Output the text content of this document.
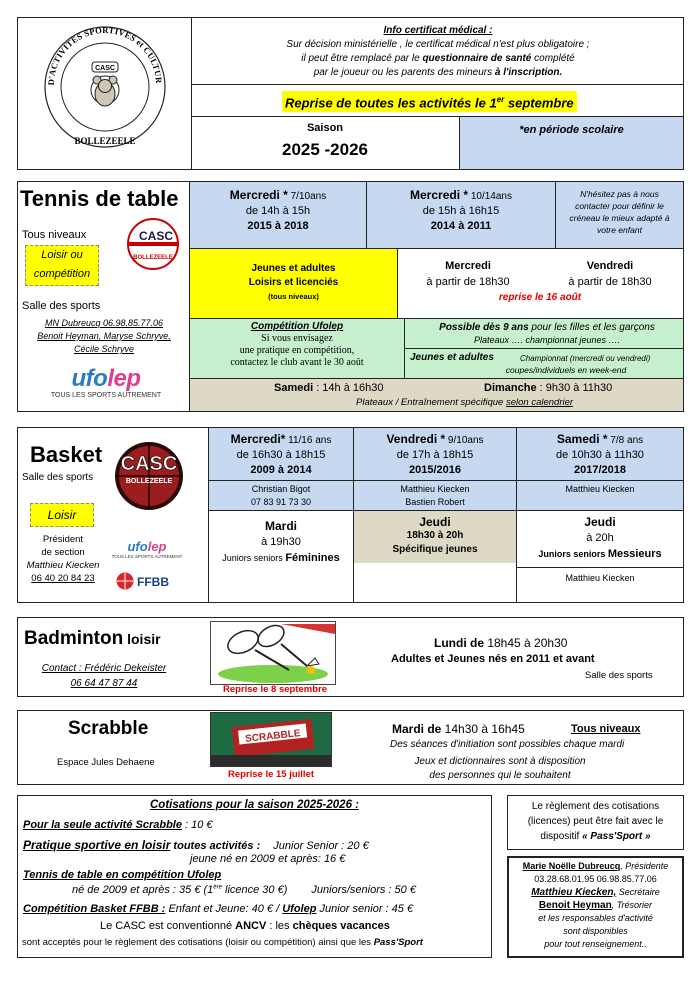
D'ACTIVITES SPORTIVES et CULTUR
CASC
BOLLEZEELE
Info certificat médical :
Sur décision ministérielle , le certificat médical n'est plus obligatoire ;
il peut être remplacé par le questionnaire de santé complété
par le joueur ou les parents des mineurs à l'inscription.
Reprise de toutes les activités le 1er septembre
Saison
2025 -2026
*en période scolaire
Tennis de table
Tous niveaux
Loisir ou
compétition
CASC
BOLLEZEELE
Salle des sports
MN Dubreucq 06.98.85.77.06
Benoit Heyman, Maryse Schryve,
Cécile Schryve
ufolep
TOUS LES SPORTS AUTREMENT
Mercredi * 7/10ans
de 14h à 15h
2015 à 2018
Mercredi * 10/14ans
de 15h à 16h15
2014 à 2011
N'hésitez pas à nous contacter pour définir le créneau le mieux adapté à votre enfant
Jeunes et adultes
Loisirs et licenciés
(tous niveaux)
Mercredi
à partir de 18h30
Vendredi
à partir de 18h30
reprise le 16 août
Compétition Ufolep
Si vous envisagez
une pratique en compétition,
contactez le club avant le 30 août
Possible dès 9 ans pour les filles et les garçons
Plateaux …. championnat jeunes ….
Jeunes et adultes	Championnat (mercredi ou vendredi)
coupes/individuels en week-end
Samedi : 14h à 16h30	Dimanche : 9h30 à 11h30
Plateaux / Entraînement spécifique selon calendrier
Basket
Salle des sports
Loisir
Président
de section
Matthieu Kiecken
06 40 20 84 23
CASC
BOLLEZEELE
ufolep
TOUS LES SPORTS AUTREMENT
FFBB
Mercredi* 11/16 ans
de 16h30 à 18h15
2009 à 2014
Vendredi * 9/10ans
de 17h à 18h15
2015/2016
Samedi * 7/8 ans
de 10h30 à 11h30
2017/2018
Christian Bigot
07 83 91 73 30
Matthieu Kiecken
Bastien Robert
Matthieu Kiecken
Mardi
à 19h30
Juniors seniors Féminines
Jeudi
18h30 à 20h
Spécifique jeunes
Jeudi
à 20h
Juniors seniors Messieurs
Matthieu Kiecken
Badminton loisir
Contact : Frédéric Dekeister
06 64 47 87 44
Reprise le 8 septembre
Lundi de 18h45 à 20h30
Adultes et Jeunes nés en 2011 et avant
Salle des sports
Scrabble
Espace Jules Dehaene
SCRABBLE
Reprise le 15 juillet
Mardi de 14h30 à 16h45	Tous niveaux
Des séances d'initiation sont possibles chaque mardi
Jeux et dictionnaires sont à disposition
des personnes qui le souhaitent
Cotisations pour la saison 2025-2026 :
Pour la seule activité Scrabble : 10 €
Pratique sportive en loisir toutes activités : Junior Senior : 20 €
jeune né en 2009 et après: 16 €
Tennis de table en compétition Ufolep
né de 2009 et après : 35 € (1ère licence 30 €) Juniors/seniors : 50 €
Compétition Basket FFBB : Enfant et Jeune: 40 € / Ufolep Junior senior : 45 €
Le CASC est conventionné ANCV : les chèques vacances
sont acceptés pour le règlement des cotisations (loisir ou compétition) ainsi que les Pass'Sport
Le règlement des cotisations
(licences) peut être fait avec le
dispositif « Pass'Sport »
Marie Noëlle Dubreucq, Présidente
03.28.68.01.95 06.98.85.77.06
Matthieu Kiecken, Secrétaire
Benoit Heyman, Trésorier
et les responsables d'activité
sont disponibles
pour tout renseignement..
